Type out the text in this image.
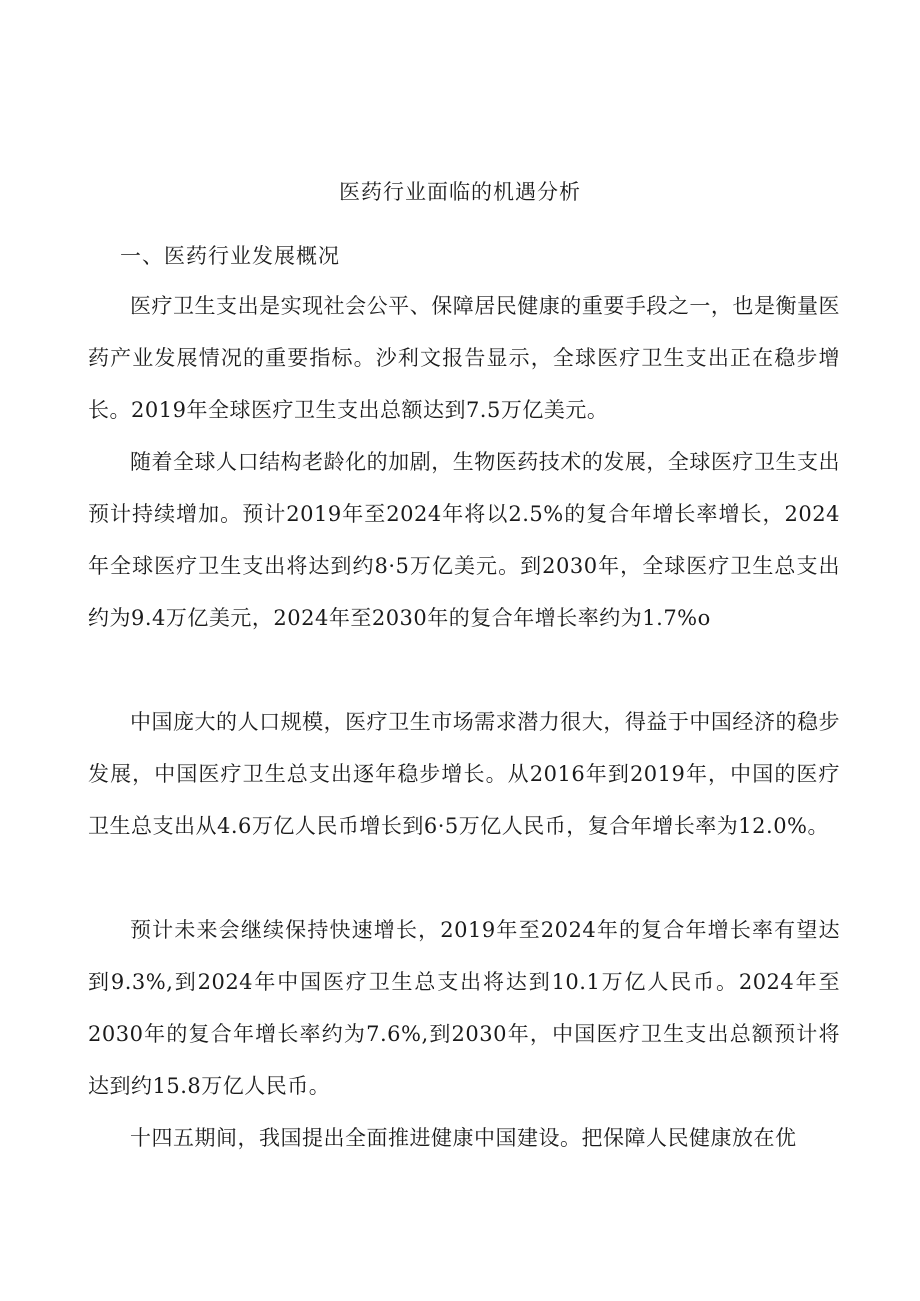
医药行业面临的机遇分析
一、医药行业发展概况

医疗卫生支出是实现社会公平、保障居民健康的重要手段之一，也是衡量医药产业发展情况的重要指标。沙利文报告显示，全球医疗卫生支出正在稳步增长。2019年全球医疗卫生支出总额达到7.5万亿美元。

随着全球人口结构老龄化的加剧，生物医药技术的发展，全球医疗卫生支出预计持续增加。预计2019年至2024年将以2.5%的复合年增长率增长，2024年全球医疗卫生支出将达到约8·5万亿美元。到2030年，全球医疗卫生总支出约为9.4万亿美元，2024年至2030年的复合年增长率约为1.7%o

中国庞大的人口规模，医疗卫生市场需求潜力很大，得益于中国经济的稳步发展，中国医疗卫生总支出逐年稳步增长。从2016年到2019年，中国的医疗卫生总支出从4.6万亿人民币增长到6·5万亿人民币，复合年增长率为12.0%。

预计未来会继续保持快速增长，2019年至2024年的复合年增长率有望达到9.3%,到2024年中国医疗卫生总支出将达到10.1万亿人民币。2024年至2030年的复合年增长率约为7.6%,到2030年，中国医疗卫生支出总额预计将达到约15.8万亿人民币。

十四五期间，我国提出全面推进健康中国建设。把保障人民健康放在优
